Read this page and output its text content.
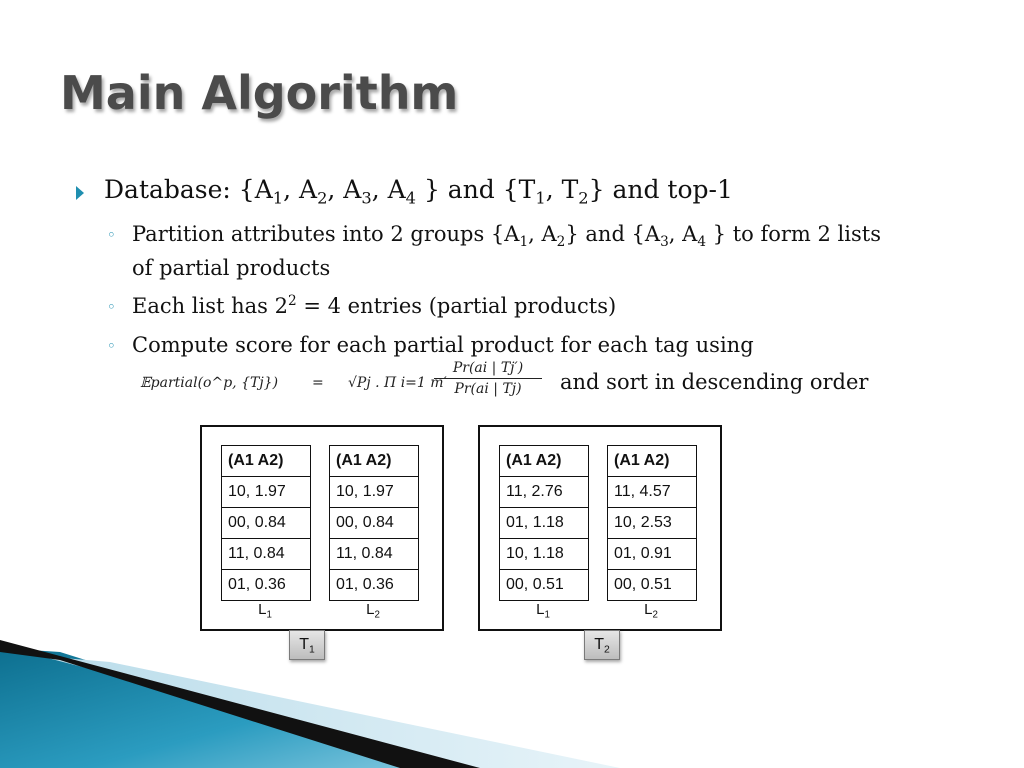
Main Algorithm
Database: {$A_1$, $A_2$, $A_3$, $A_4$ } and {$T_1$, $T_2$} and top-1
◦ Partition attributes into 2 groups {$A_1$, $A_2$} and {$A_3$, $A_4$ } to form 2 lists
of partial products
◦ Each list has $2^2 = 4$ entries (partial products)
◦ Compute score for each partial product for each tag using
𝔼partial(o^p, {Tj}) = √Pj . Π i=1 m′
$\frac{Pr(ai | Tj')}{Pr(ai | Tj)}$ and sort in descending order
(A1 A2)
10, 1.97
00, 0.84
11, 0.84
01, 0.36
$L_1$
(A1 A2)
10, 1.97
00, 0.84
11, 0.84
01, 0.36
$L_2$
$T_1$
(A1 A2)
11, 2.76
01, 1.18
10, 1.18
00, 0.51
$L_1$
(A1 A2)
11, 4.57
10, 2.53
01, 0.91
00, 0.51
$L_2$
$T_2$
